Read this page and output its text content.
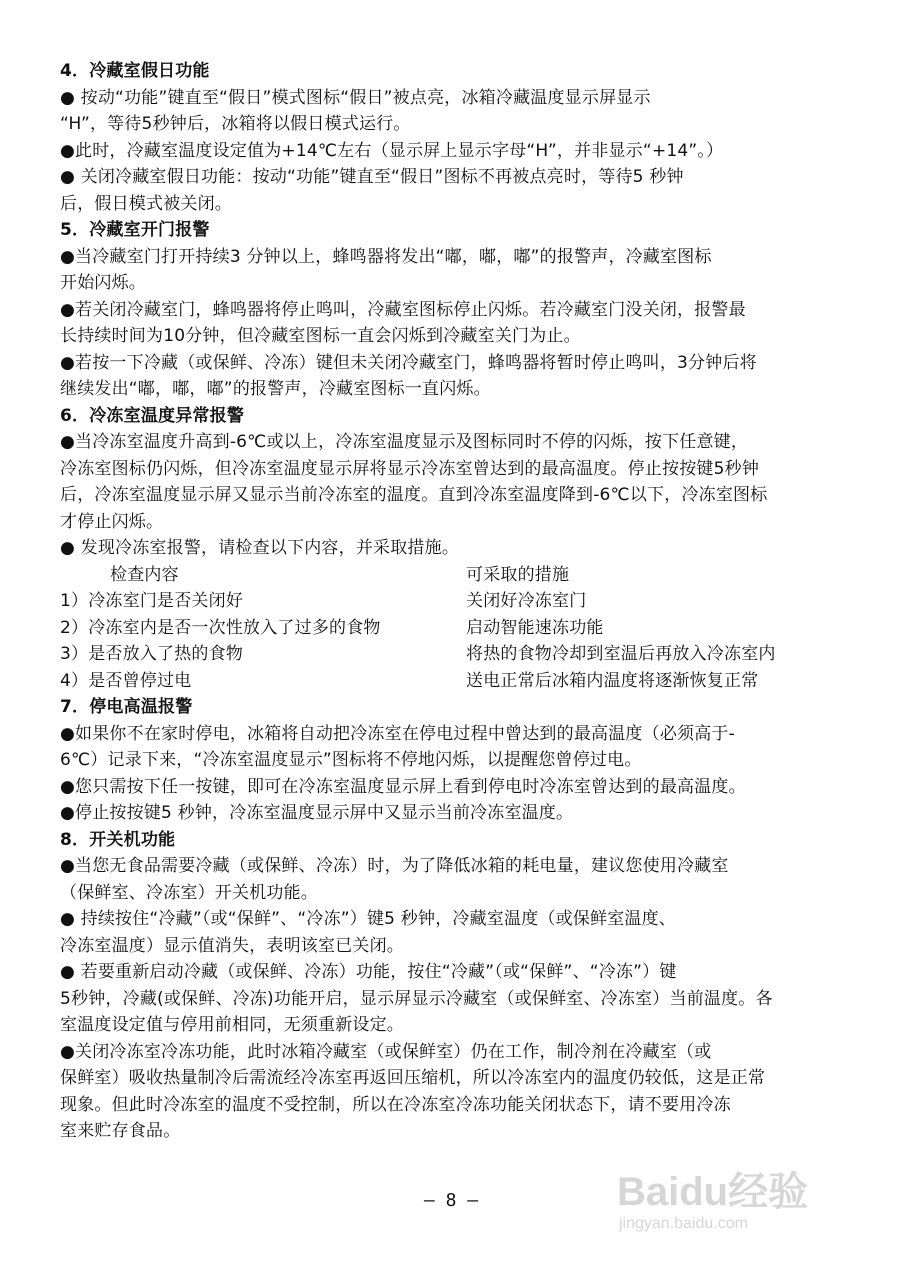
4．冷藏室假日功能
● 按动“功能”键直至“假日”模式图标“假日”被点亮，冰箱冷藏温度显示屏显示
“H”，等待5秒钟后，冰箱将以假日模式运行。
●此时，冷藏室温度设定值为+14℃左右（显示屏上显示字母“H”，并非显示“+14”。）
● 关闭冷藏室假日功能：按动“功能”键直至“假日”图标不再被点亮时，等待5 秒钟
后，假日模式被关闭。
5．冷藏室开门报警
●当冷藏室门打开持续3 分钟以上，蜂鸣器将发出“嘟，嘟，嘟”的报警声，冷藏室图标
开始闪烁。
●若关闭冷藏室门，蜂鸣器将停止鸣叫，冷藏室图标停止闪烁。若冷藏室门没关闭，报警最
长持续时间为10分钟，但冷藏室图标一直会闪烁到冷藏室关门为止。
●若按一下冷藏（或保鲜、冷冻）键但未关闭冷藏室门，蜂鸣器将暂时停止鸣叫，3分钟后将
继续发出“嘟，嘟，嘟”的报警声，冷藏室图标一直闪烁。
6．冷冻室温度异常报警
●当冷冻室温度升高到-6℃或以上，冷冻室温度显示及图标同时不停的闪烁，按下任意键，
冷冻室图标仍闪烁，但冷冻室温度显示屏将显示冷冻室曾达到的最高温度。停止按按键5秒钟
后，冷冻室温度显示屏又显示当前冷冻室的温度。直到冷冻室温度降到-6℃以下，冷冻室图标
才停止闪烁。
● 发现冷冻室报警，请检查以下内容，并采取措施。
检查内容	可采取的措施
1）冷冻室门是否关闭好	关闭好冷冻室门
2）冷冻室内是否一次性放入了过多的食物	启动智能速冻功能
3）是否放入了热的食物	将热的食物冷却到室温后再放入冷冻室内
4）是否曾停过电	送电正常后冰箱内温度将逐渐恢复正常
7．停电高温报警
●如果你不在家时停电，冰箱将自动把冷冻室在停电过程中曾达到的最高温度（必须高于-
6℃）记录下来，“冷冻室温度显示”图标将不停地闪烁，以提醒您曾停过电。
●您只需按下任一按键，即可在冷冻室温度显示屏上看到停电时冷冻室曾达到的最高温度。
●停止按按键5 秒钟，冷冻室温度显示屏中又显示当前冷冻室温度。
8．开关机功能
●当您无食品需要冷藏（或保鲜、冷冻）时，为了降低冰箱的耗电量，建议您使用冷藏室
（保鲜室、冷冻室）开关机功能。
● 持续按住“冷藏”（或“保鲜”、“冷冻”）键5 秒钟，冷藏室温度（或保鲜室温度、
冷冻室温度）显示值消失，表明该室已关闭。
● 若要重新启动冷藏（或保鲜、冷冻）功能，按住“冷藏”（或“保鲜”、“冷冻”）键
5秒钟，冷藏(或保鲜、冷冻)功能开启，显示屏显示冷藏室（或保鲜室、冷冻室）当前温度。各
室温度设定值与停用前相同，无须重新设定。
●关闭冷冻室冷冻功能，此时冰箱冷藏室（或保鲜室）仍在工作，制冷剂在冷藏室（或
保鲜室）吸收热量制冷后需流经冷冻室再返回压缩机，所以冷冻室内的温度仍较低，这是正常
现象。但此时冷冻室的温度不受控制，所以在冷冻室冷冻功能关闭状态下，请不要用冷冻
室来贮存食品。
— 8 —	Baidu经验
jingyan.baidu.com
